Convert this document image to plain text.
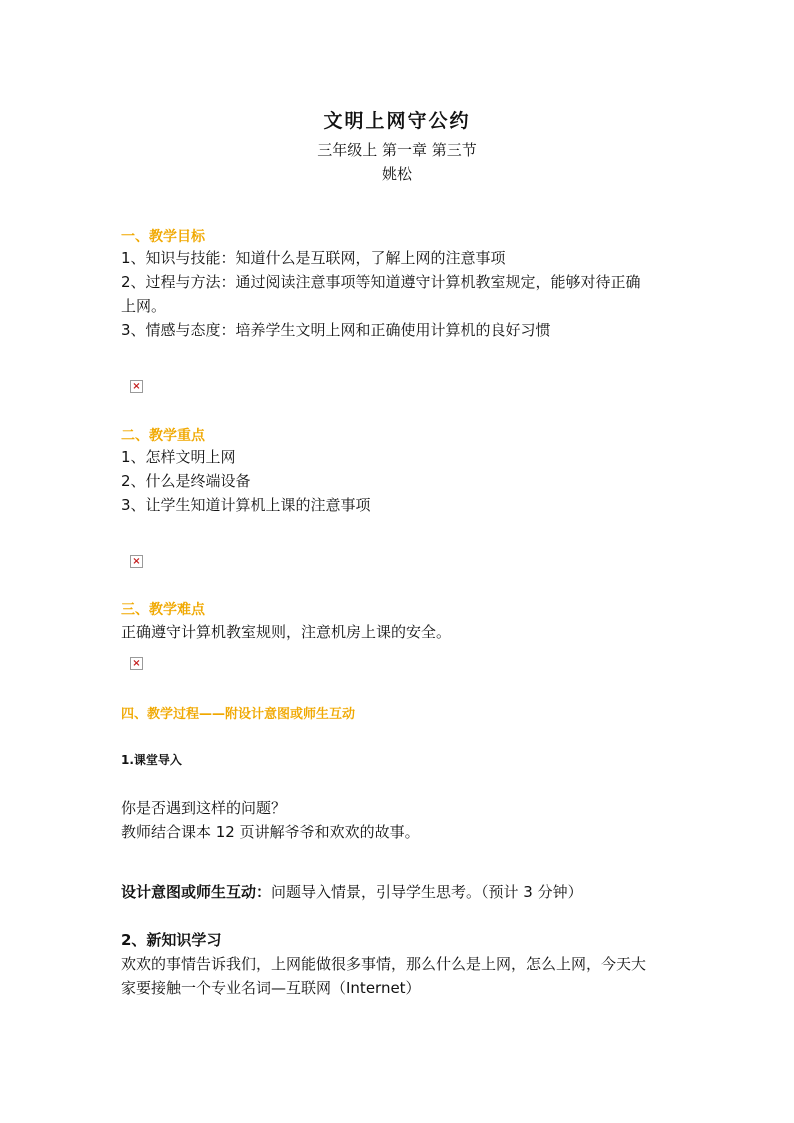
文明上网守公约

三年级上 第一章 第三节

姚松

一、教学目标

1、知识与技能：知道什么是互联网，了解上网的注意事项

2、过程与方法：通过阅读注意事项等知道遵守计算机教室规定，能够对待正确

上网。

3、情感与态度：培养学生文明上网和正确使用计算机的良好习惯

×

二、教学重点

1、怎样文明上网

2、什么是终端设备

3、让学生知道计算机上课的注意事项

×

三、教学难点

正确遵守计算机教室规则，注意机房上课的安全。

×

四、教学过程——附设计意图或师生互动

1.课堂导入

你是否遇到这样的问题？

教师结合课本 12 页讲解爷爷和欢欢的故事。

设计意图或师生互动：问题导入情景，引导学生思考。（预计 3 分钟）

2、新知识学习

欢欢的事情告诉我们，上网能做很多事情，那么什么是上网，怎么上网，今天大

家要接触一个专业名词—互联网（Internet）
